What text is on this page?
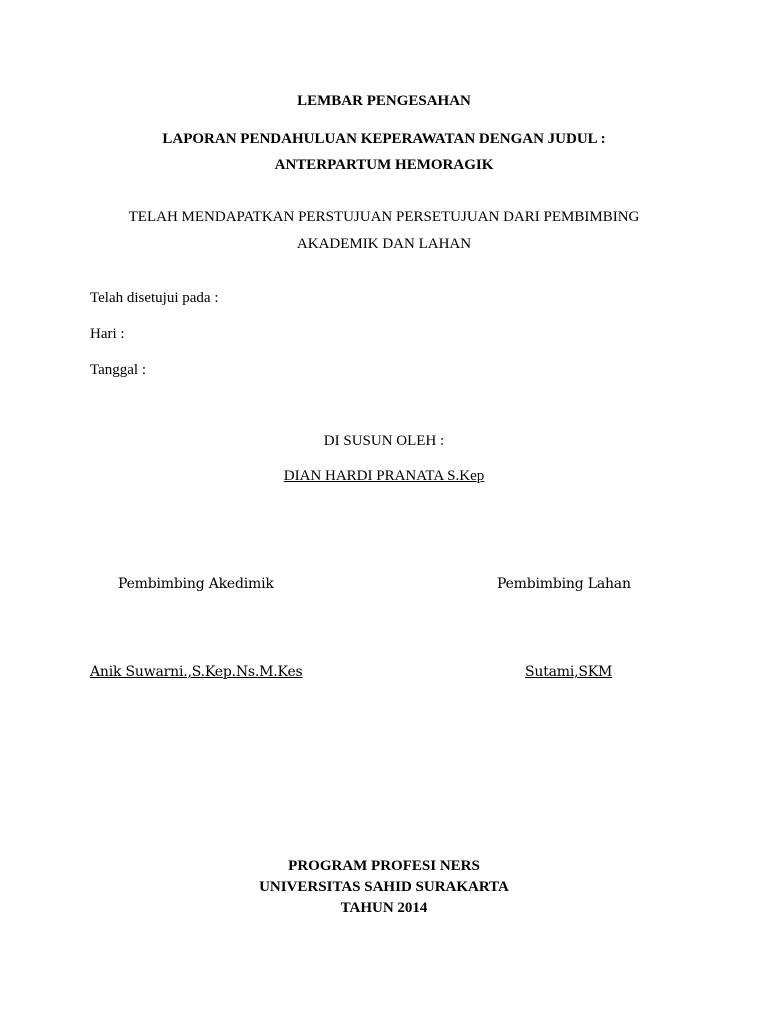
LEMBAR PENGESAHAN
LAPORAN PENDAHULUAN KEPERAWATAN DENGAN JUDUL :
ANTERPARTUM HEMORAGIK
TELAH MENDAPATKAN PERSTUJUAN PERSETUJUAN DARI PEMBIMBING
AKADEMIK DAN LAHAN
Telah disetujui pada :
Hari :
Tanggal :
DI SUSUN OLEH :
DIAN HARDI PRANATA S.Kep
Pembimbing Akedimik	Pembimbing Lahan
Anik Suwarni.,S.Kep.Ns.M.Kes	Sutami,SKM
PROGRAM PROFESI NERS
UNIVERSITAS SAHID SURAKARTA
TAHUN 2014
